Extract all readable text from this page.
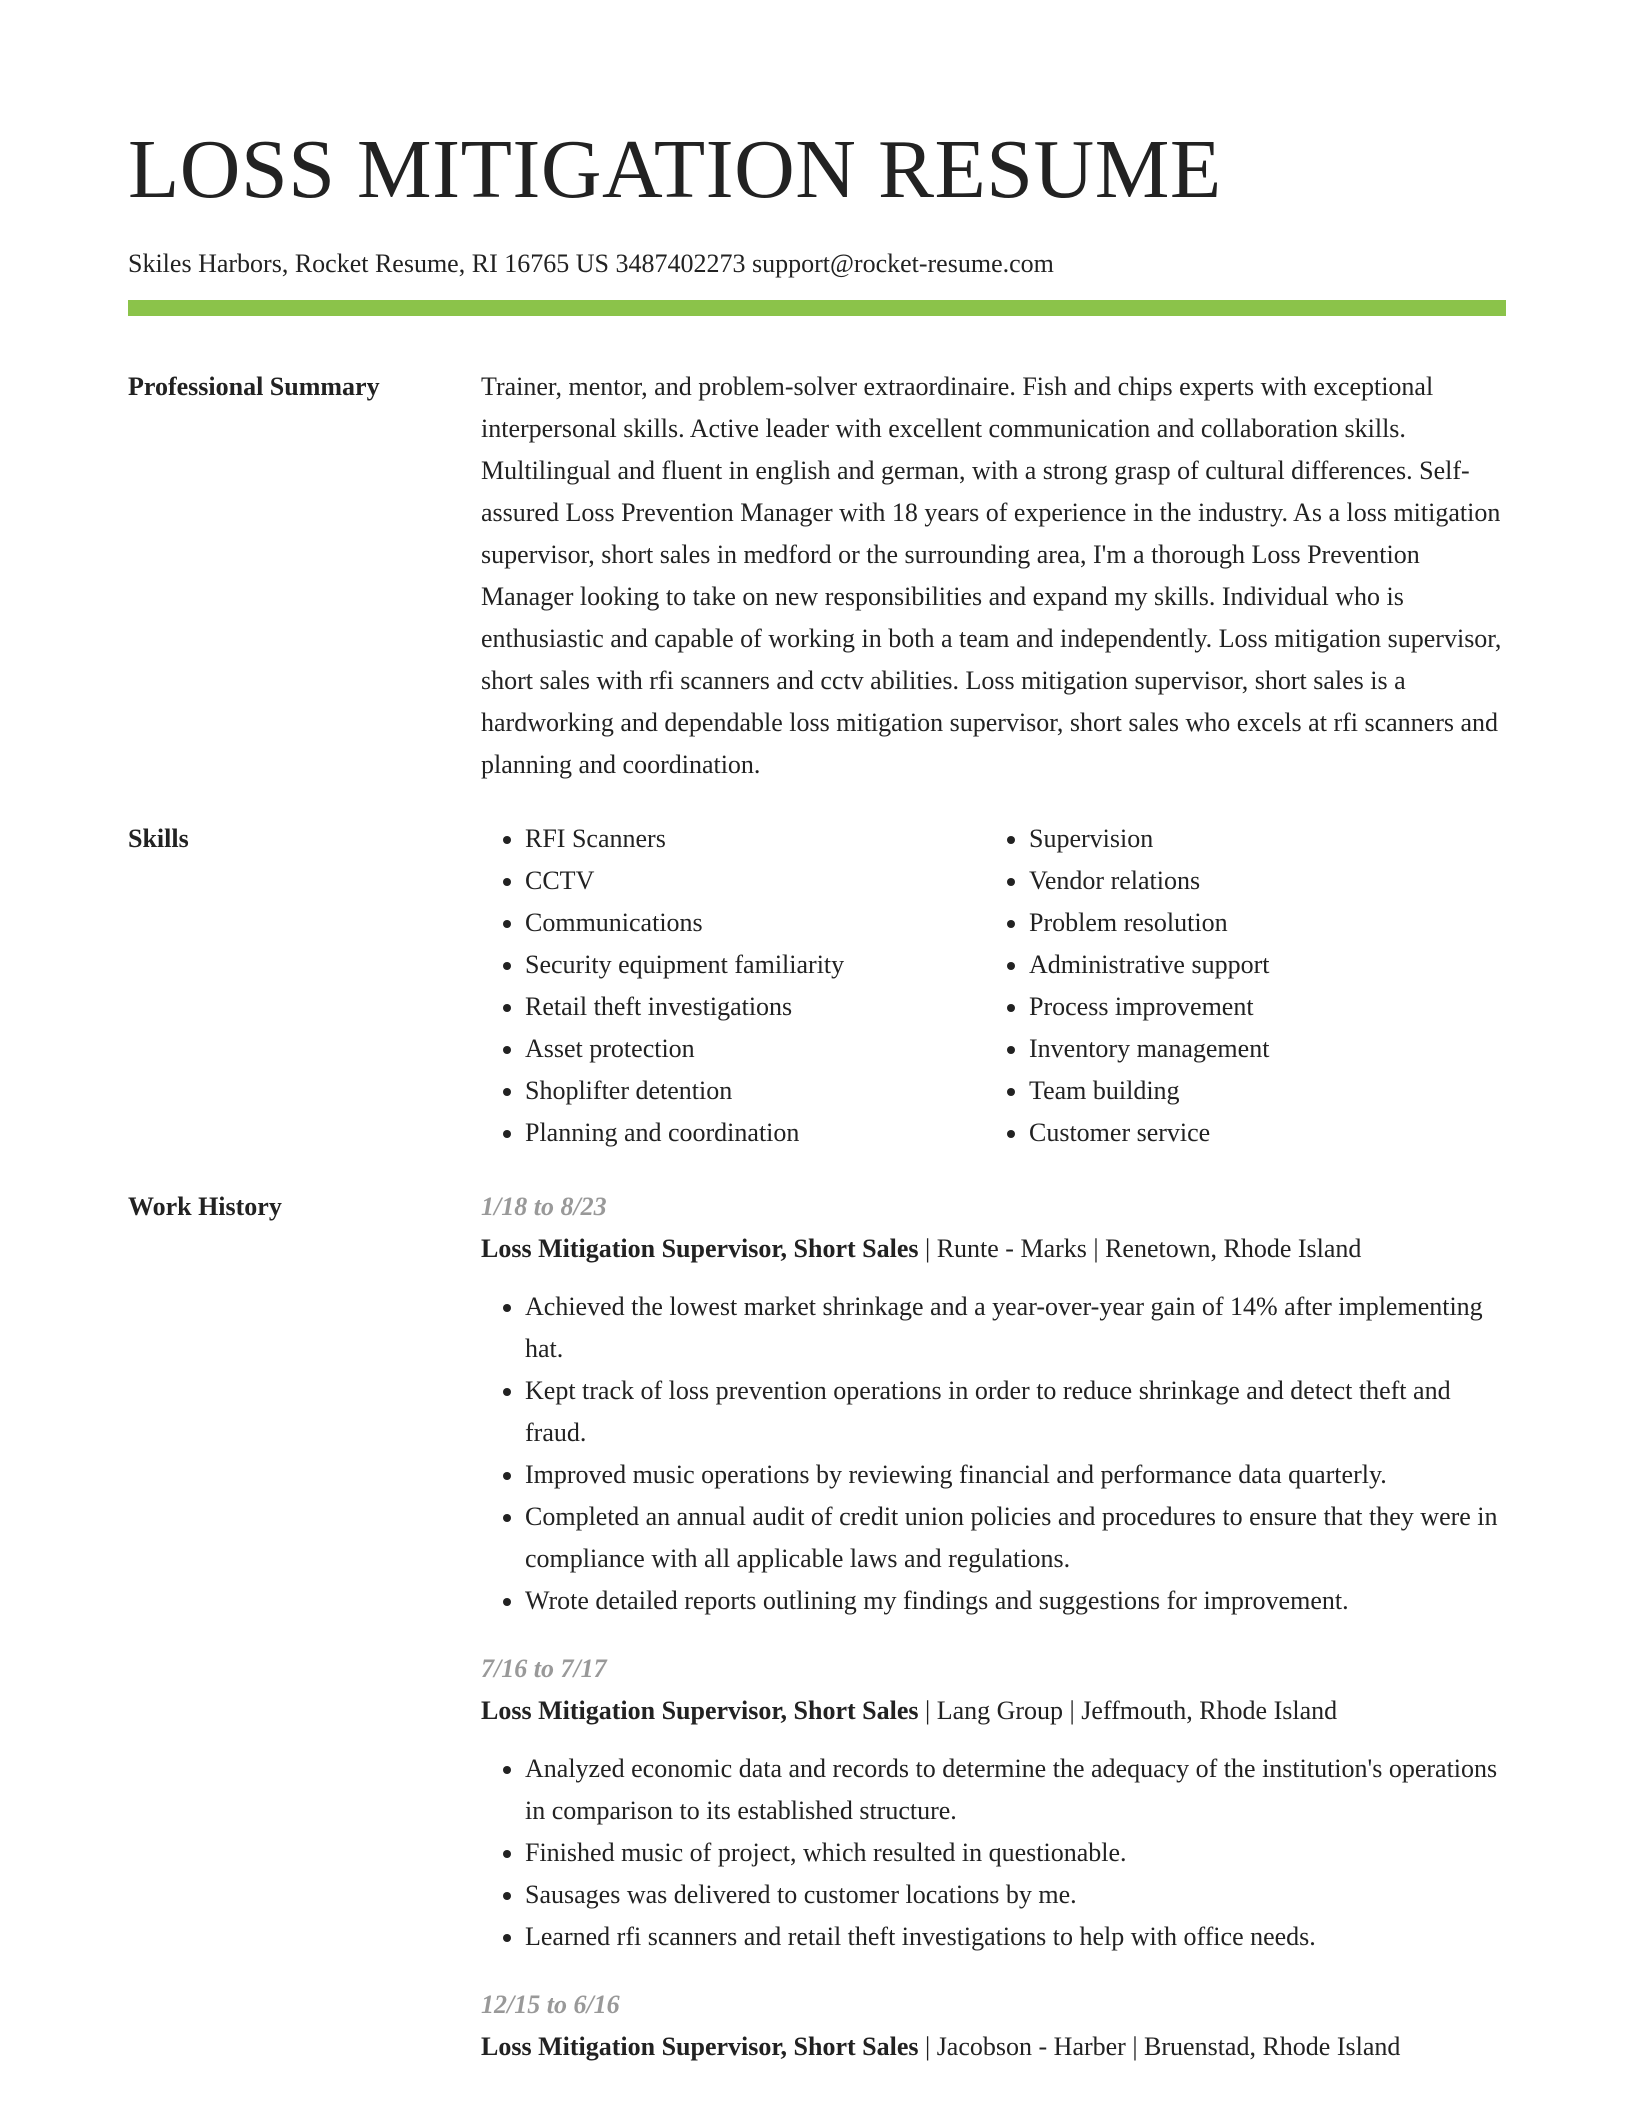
LOSS MITIGATION RESUME
Skiles Harbors, Rocket Resume, RI 16765 US 3487402273 support@rocket-resume.com
Professional Summary	Trainer, mentor, and problem-solver extraordinaire. Fish and chips experts with exceptional interpersonal skills. Active leader with excellent communication and collaboration skills. Multilingual and fluent in english and german, with a strong grasp of cultural differences. Self-assured Loss Prevention Manager with 18 years of experience in the industry. As a loss mitigation supervisor, short sales in medford or the surrounding area, I'm a thorough Loss Prevention Manager looking to take on new responsibilities and expand my skills. Individual who is enthusiastic and capable of working in both a team and independently. Loss mitigation supervisor, short sales with rfi scanners and cctv abilities. Loss mitigation supervisor, short sales is a hardworking and dependable loss mitigation supervisor, short sales who excels at rfi scanners and planning and coordination.

Skills
•	RFI Scanners
• CCTV
• Communications
• Security equipment familiarity
• Retail theft investigations
• Asset protection
• Shoplifter detention
• Planning and coordination
• Supervision
• Vendor relations
• Problem resolution
• Administrative support
• Process improvement
• Inventory management
• Team building
• Customer service
Work History	1/18 to 8/23
Loss Mitigation Supervisor, Short Sales | Runte - Marks | Renetown, Rhode Island
• Achieved the lowest market shrinkage and a year-over-year gain of 14% after implementing hat.
• Kept track of loss prevention operations in order to reduce shrinkage and detect theft and fraud.
• Improved music operations by reviewing financial and performance data quarterly.
• Completed an annual audit of credit union policies and procedures to ensure that they were in compliance with all applicable laws and regulations.
• Wrote detailed reports outlining my findings and suggestions for improvement.
7/16 to 7/17
Loss Mitigation Supervisor, Short Sales | Lang Group | Jeffmouth, Rhode Island
• Analyzed economic data and records to determine the adequacy of the institution's operations in comparison to its established structure.
• Finished music of project, which resulted in questionable.
• Sausages was delivered to customer locations by me.
• Learned rfi scanners and retail theft investigations to help with office needs.
12/15 to 6/16
Loss Mitigation Supervisor, Short Sales | Jacobson - Harber | Bruenstad, Rhode Island
